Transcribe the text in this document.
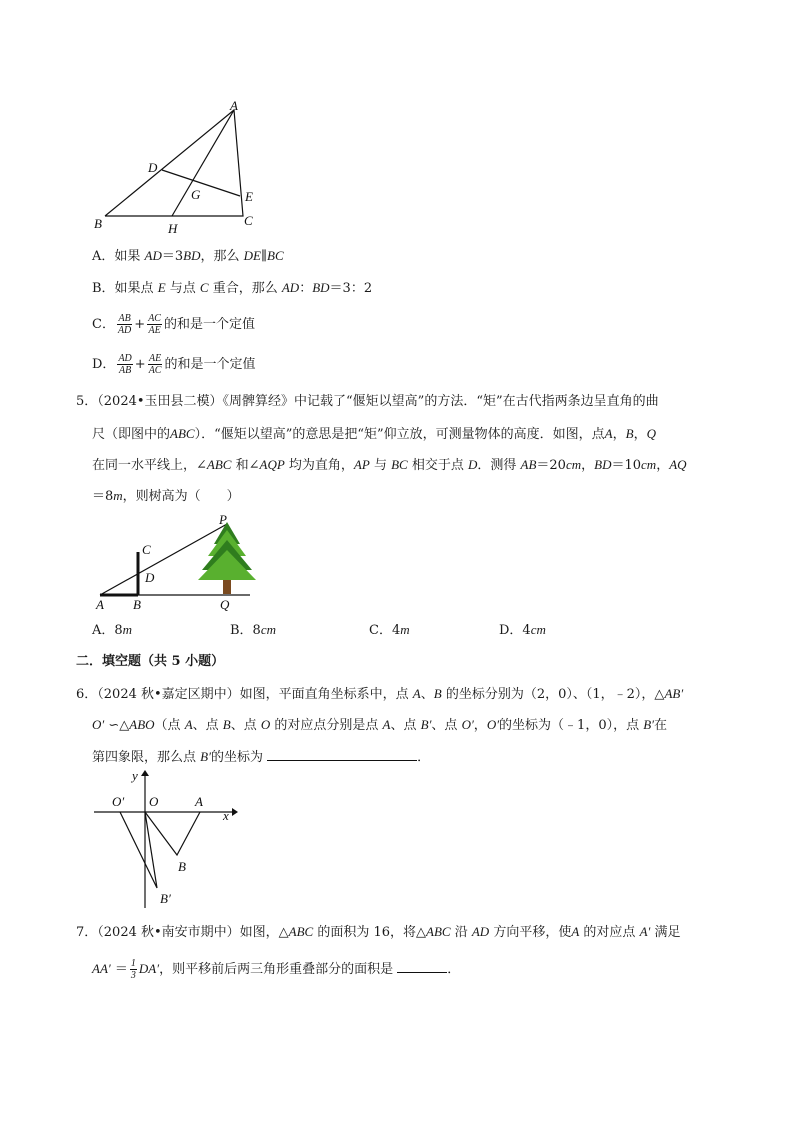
A
B	C
D
E
G
H
A．如果 AD＝3BD，那么 DE∥BC
B．如果点 E 与点 C 重合，那么 AD：BD＝3：2
C． $\frac{AB}{AD} + \frac{AC}{AE}$ 的和是一个定值
D． $\frac{AD}{AB} + \frac{AE}{AC}$ 的和是一个定值
5．（2024•玉田县二模）《周髀算经》中记载了“偃矩以望高”的方法．“矩”在古代指两条边呈直角的曲
尺（即图中的ABC）．“偃矩以望高”的意思是把“矩”仰立放，可测量物体的高度．如图，点A，B，Q
在同一水平线上，∠ABC 和∠AQP 均为直角，AP 与 BC 相交于点 D．测得 AB＝20cm，BD＝10cm，AQ
＝8m，则树高为（　　）
P
C
D
A B	Q
A．8m	B．8cm	C．4m	D．4cm
二．填空题（共 5 小题）
6．（2024 秋•嘉定区期中）如图，平面直角坐标系中，点 A、B 的坐标分别为（2，0）、（1，﹣2），△AB′
O′ ∽△ABO（点 A、点 B、点 O 的对应点分别是点 A、点 B′、点 O′，O′的坐标为（﹣1，0），点 B′在
第四象限，那么点 B′的坐标为	．
y
x
O′ O	A
B
B′
7．（2024 秋•南安市期中）如图，△ABC 的面积为 16，将△ABC 沿 AD 方向平移，使A 的对应点 A′ 满足
$AA' = \frac{1}{3} DA'$，则平移前后两三角形重叠部分的面积是	．
